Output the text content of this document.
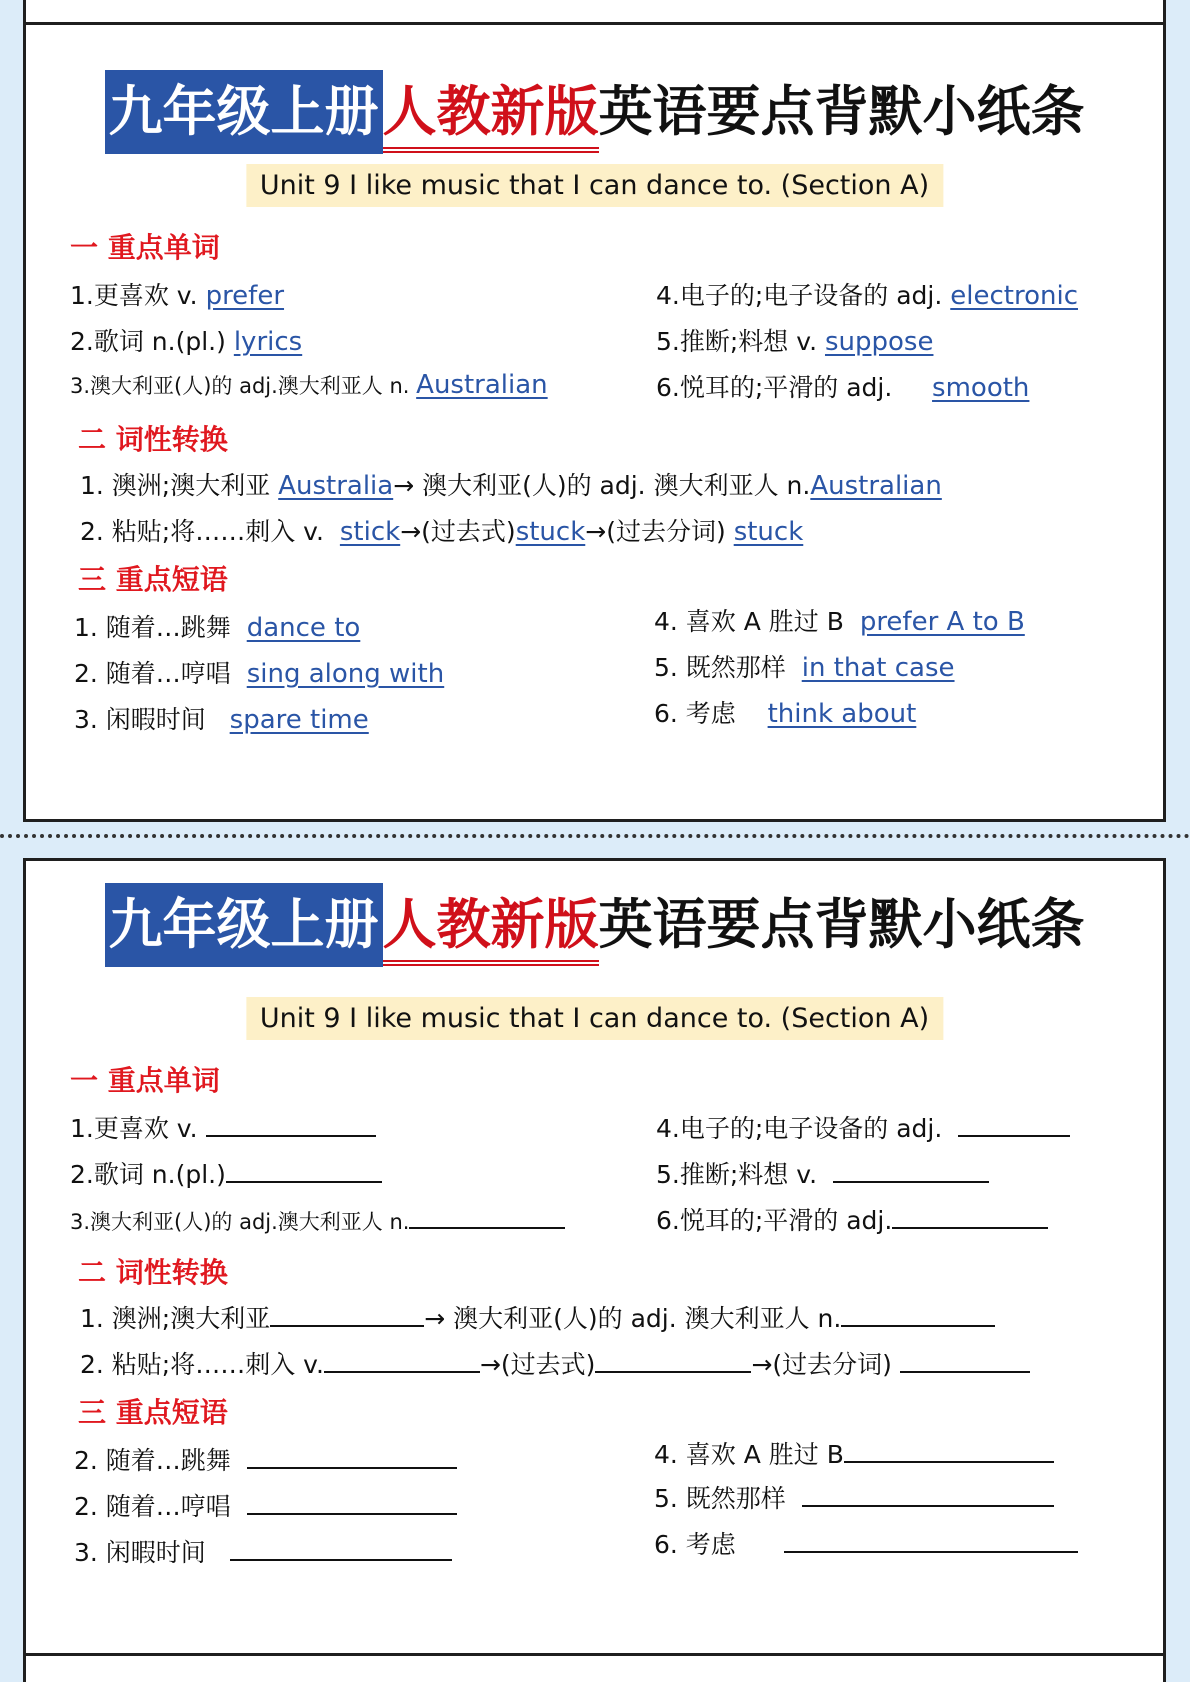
九年级上册人教新版英语要点背默小纸条
Unit 9 I like music that I can dance to. (Section A)
一 重点单词
1.更喜欢 v. prefer
2.歌词 n.(pl.) lyrics
3.澳大利亚(人)的 adj.澳大利亚人 n. Australian
4.电子的;电子设备的 adj. electronic
5.推断;料想 v. suppose
6.悦耳的;平滑的 adj. smooth
二 词性转换
1. 澳洲;澳大利亚 Australia→ 澳大利亚(人)的 adj. 澳大利亚人 n.Australian
2. 粘贴;将……刺入 v. stick→(过去式)stuck→(过去分词) stuck
三 重点短语
1. 随着…跳舞 dance to
2. 随着…哼唱 sing along with
3. 闲暇时间 spare time
4. 喜欢 A 胜过 B prefer A to B
5. 既然那样 in that case
6. 考虑 think about
九年级上册人教新版英语要点背默小纸条
Unit 9 I like music that I can dance to. (Section A)
一 重点单词
1.更喜欢 v.
2.歌词 n.(pl.)
3.澳大利亚(人)的 adj.澳大利亚人 n.
4.电子的;电子设备的 adj.
5.推断;料想 v.
6.悦耳的;平滑的 adj.
二 词性转换
1. 澳洲;澳大利亚	→ 澳大利亚(人)的 adj. 澳大利亚人 n.
2. 粘贴;将……刺入 v.	→(过去式)	→(过去分词)
三 重点短语
2. 随着…跳舞
2. 随着…哼唱
3. 闲暇时间
4. 喜欢 A 胜过 B
5. 既然那样
6. 考虑
